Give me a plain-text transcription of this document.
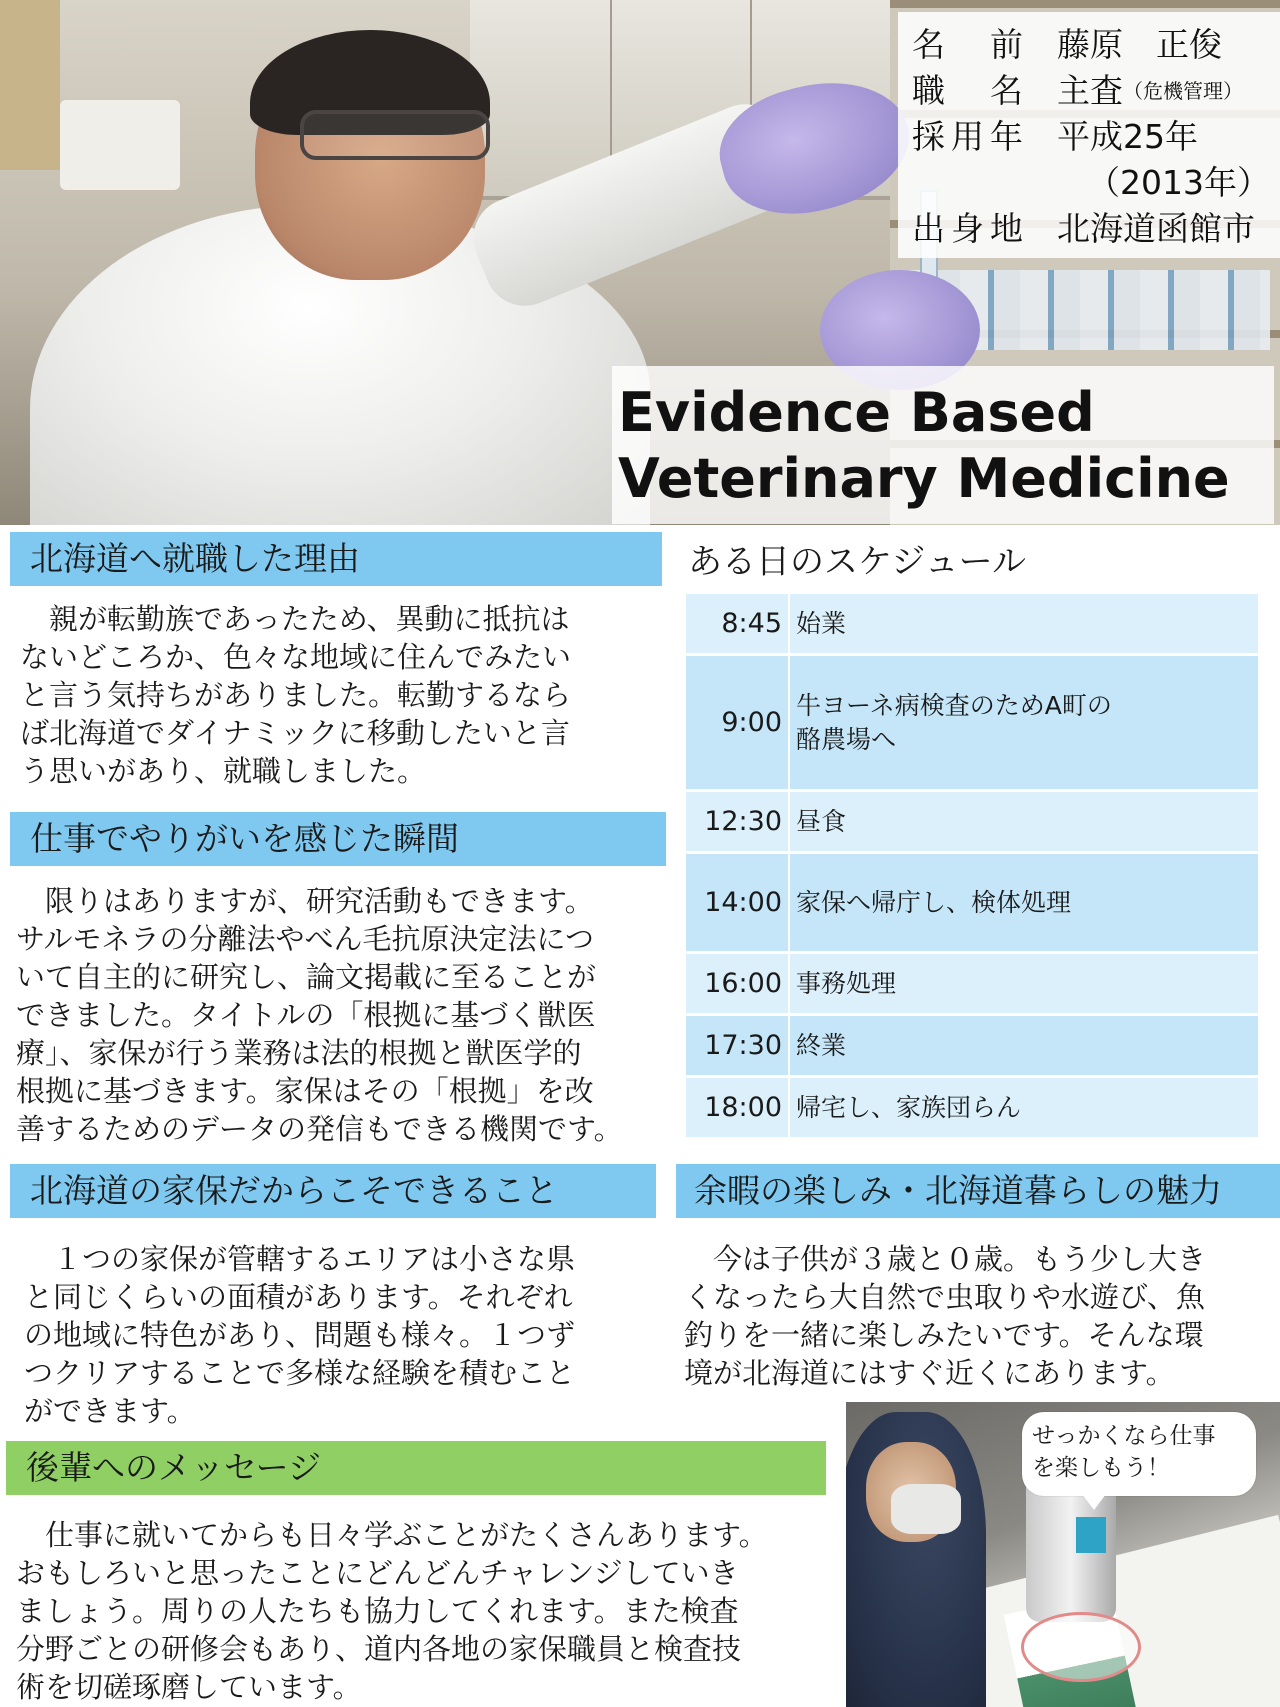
名　前 藤原　正俊
職　名 主査 （危機管理）
採用年 平成25年
（2013年）
出身地 北海道函館市
Evidence Based
Veterinary Medicine
北海道へ就職した理由
　親が転勤族であったため、異動に抵抗は
ないどころか、色々な地域に住んでみたい
と言う気持ちがありました。転勤するなら
ば北海道でダイナミックに移動したいと言
う思いがあり、就職しました。
仕事でやりがいを感じた瞬間
　限りはありますが、研究活動もできます。
サルモネラの分離法やべん毛抗原決定法につ
いて自主的に研究し、論文掲載に至ることが
できました。タイトルの「根拠に基づく獣医
療」、家保が行う業務は法的根拠と獣医学的
根拠に基づきます。家保はその「根拠」を改
善するためのデータの発信もできる機関です。
ある日のスケジュール
8:45 始業
9:00
牛ヨーネ病検査のためA町の
酪農場へ
12:30 昼食
14:00 家保へ帰庁し、検体処理
16:00 事務処理
17:30 終業
18:00 帰宅し、家族団らん
北海道の家保だからこそできること
　１つの家保が管轄するエリアは小さな県
と同じくらいの面積があります。それぞれ
の地域に特色があり、問題も様々。１つず
つクリアすることで多様な経験を積むこと
ができます。
余暇の楽しみ・北海道暮らしの魅力
　今は子供が３歳と０歳。もう少し大き
くなったら大自然で虫取りや水遊び、魚
釣りを一緒に楽しみたいです。そんな環
境が北海道にはすぐ近くにあります。
後輩へのメッセージ
　仕事に就いてからも日々学ぶことがたくさんあります。
おもしろいと思ったことにどんどんチャレンジしていき
ましょう。周りの人たちも協力してくれます。また検査
分野ごとの研修会もあり、道内各地の家保職員と検査技
術を切磋琢磨しています。
せっかくなら仕事
を楽しもう！
